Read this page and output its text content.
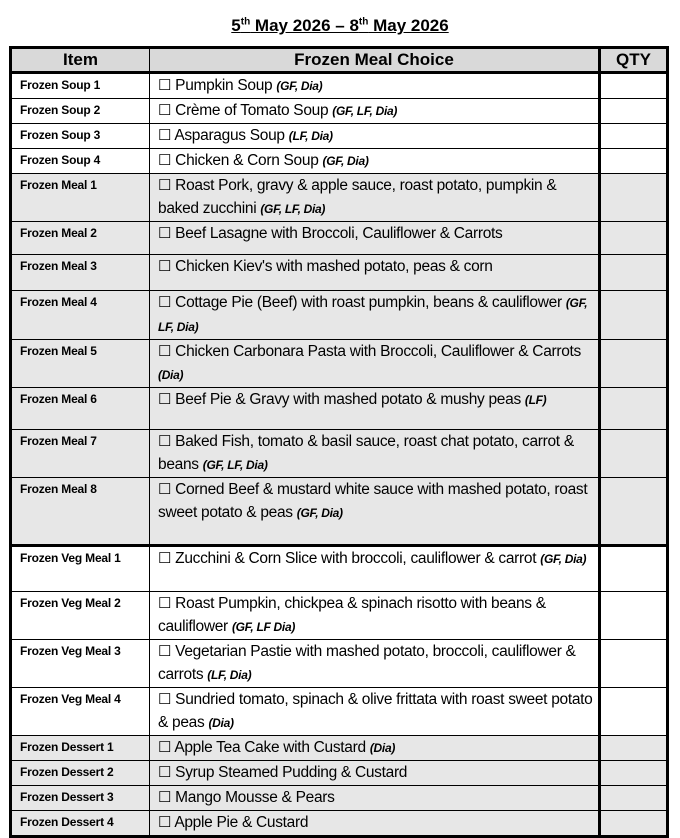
5th May 2026 – 8th May 2026
Item	Frozen Meal Choice	QTY
Frozen Soup 1	☐ Pumpkin Soup (GF, Dia)	
Frozen Soup 2	☐ Crème of Tomato Soup (GF, LF, Dia)	
Frozen Soup 3	☐ Asparagus Soup (LF, Dia)	
Frozen Soup 4	☐ Chicken & Corn Soup (GF, Dia)	
Frozen Meal 1	☐ Roast Pork, gravy & apple sauce, roast potato, pumpkin & baked zucchini (GF, LF, Dia)	
Frozen Meal 2	☐ Beef Lasagne with Broccoli, Cauliflower & Carrots	
Frozen Meal 3	☐ Chicken Kiev's with mashed potato, peas & corn	
Frozen Meal 4	☐ Cottage Pie (Beef) with roast pumpkin, beans & cauliflower (GF, LF, Dia)	
Frozen Meal 5	☐ Chicken Carbonara Pasta with Broccoli, Cauliflower & Carrots (Dia)	
Frozen Meal 6	☐ Beef Pie & Gravy with mashed potato & mushy peas (LF)	
Frozen Meal 7	☐ Baked Fish, tomato & basil sauce, roast chat potato, carrot & beans (GF, LF, Dia)	
Frozen Meal 8	☐ Corned Beef & mustard white sauce with mashed potato, roast sweet potato & peas (GF, Dia)	
Frozen Veg Meal 1	☐ Zucchini & Corn Slice with broccoli, cauliflower & carrot (GF, Dia)	
Frozen Veg Meal 2	☐ Roast Pumpkin, chickpea & spinach risotto with beans & cauliflower (GF, LF Dia)	
Frozen Veg Meal 3	☐ Vegetarian Pastie with mashed potato, broccoli, cauliflower & carrots (LF, Dia)	
Frozen Veg Meal 4	☐ Sundried tomato, spinach & olive frittata with roast sweet potato & peas (Dia)	
Frozen Dessert 1	☐ Apple Tea Cake with Custard (Dia)	
Frozen Dessert 2	☐ Syrup Steamed Pudding & Custard	
Frozen Dessert 3	☐ Mango Mousse & Pears	
Frozen Dessert 4	☐ Apple Pie & Custard	
